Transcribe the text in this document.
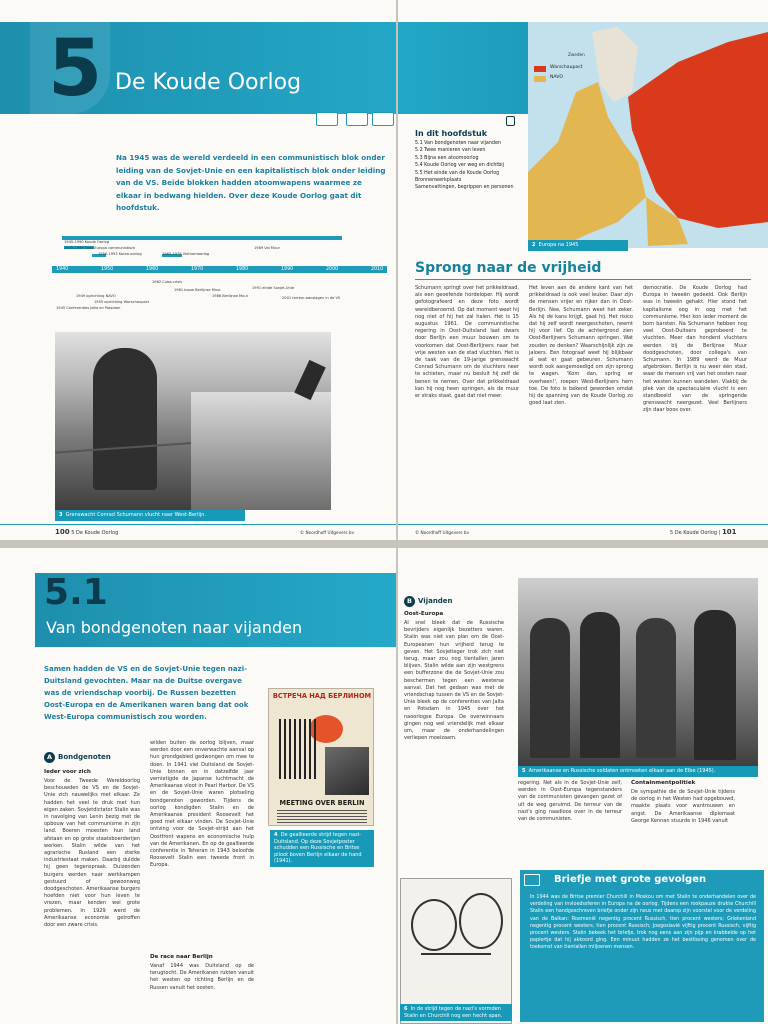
5 De Koude Oorlog
Na 1945 was de wereld verdeeld in een communistisch blok onder leiding van de Sovjet-Unie en een kapitalistisch blok onder leiding van de VS. Beide blokken hadden atoomwapens waarmee ze elkaar in bedwang hielden. Over deze Koude Oorlog gaat dit hoofdstuk.
1940	1950	1960	1970	1980	1990	2000	2010
1945-1990 Koude Oorlog
1945-1949 Oost-Europa communistisch
1950-1953 Korea-oorlog	1965-1975 Vietnamoorlog
1989 Val Muur
1949 oprichting NAVO
1945 Conferenties Jalta en Potsdam
1955 oprichting Warschaupact
1962 Cuba-crisis
1961 bouw Berlijnse Muur	1991 einde Sovjet-Unie
1986 Berlijnse Muur	2001 terreur-aanslagen in de VS
3 Grenswacht Conrad Schumann vlucht naar West-Berlijn.
100 5 De Koude Oorlog	© Noordhoff Uitgevers bv
In dit hoofdstuk
5.1 Van bondgenoten naar vijanden
5.2 Twee manieren van leven
5.3 Bijna een atoomoorlog
5.4 Koude Oorlog ver weg en dichtbij
5.5 Het einde van de Koude Oorlog
Bronnenwerkplaats
Samenvattingen, begrippen en personen
Warschaupact
NAVO
Zweden
2 Europa na 1945
Sprong naar de vrijheid
Schumann springt over het prikkeldraad, als een geoefende hordeloper. Hij wordt gefotografeerd en deze foto wordt wereldberoemd. Op dat moment weet hij nog niet of hij het zal halen. Het is 15 augustus 1961. De communistische regering in Oost-Duitsland laat dwars door Berlijn een muur bouwen om te voorkomen dat Oost-Berlijners naar het vrije westen van de stad vluchten. Het is de taak van de 19-jarige grenswacht Conrad Schumann om de vluchters neer te schieten, maar nu besluit hij zelf de benen te nemen. Over dat prikkeldraad kan hij nog heen springen, als de muur er straks staat, gaat dat niet meer.
Het leven aan de andere kant van het prikkeldraad is ook veel leuker. Daar zijn de mensen vrijer en rijker dan in Oost-Berlijn. Nee, Schumann weet het zeker. Als hij de kans krijgt, gaat hij. Het risico dat hij zelf wordt neergeschoten, neemt hij voor lief. Op de achtergrond zien Oost-Berlijners Schumann springen. Wat zouden ze denken? Waarschijnlijk zijn ze jaloers. Een fotograaf weet hij blijkbaar al wat er gaat gebeuren. Schumann wordt ook aangemoedigd om zijn sprong te wagen. 'Kom dan, spring er overheen!', roepen West-Berlijners hem toe. De foto is bekend geworden omdat hij de spanning van de Koude Oorlog zo goed laat zien.
democratie. De Koude Oorlog had Europa in tweeën gedeeld. Ook Berlijn was in tweeën gehakt. Hier stond het kapitalisme oog in oog met het communisme. Hier kon ieder moment de bom barsten. Na Schumann hebben nog veel Oost-Duitsers geprobeerd te vluchten. Meer dan honderd vluchters werden bij de Berlijnse Muur doodgeschoten, door collega's van Schumann. In 1989 werd de Muur afgebroken. Berlijn is nu weer één stad, waar de mensen vrij van het oosten naar het westen kunnen wandelen. Vlakbij de plek van de spectaculaire vlucht is een standbeeld van de springende grenswacht neergezet. Veel Berlijners zijn daar boos over.
© Noordhoff Uitgevers bv	5 De Koude Oorlog | 101
5.1
Van bondgenoten naar vijanden
Samen hadden de VS en de Sovjet-Unie tegen nazi-Duitsland gevochten. Maar na de Duitse overgave was de vriendschap voorbij. De Russen bezetten Oost-Europa en de Amerikanen waren bang dat ook West-Europa communistisch zou worden.
A Bondgenoten
Ieder voor zich
Voor de Tweede Wereldoorlog beschouwden de VS en de Sovjet-Unie zich nauwelijks met elkaar. Ze hadden het veel te druk met hun eigen zaken. Sovjetdictator Stalin was in navolging van Lenin bezig met de opbouw van het communisme in zijn land. Boeren moesten hun land afstaan en op grote staatsboerderijen werken. Stalin wilde van het agrarische Rusland een sterke industriestaat maken. Daarbij duldde hij geen tegenspraak. Duizenden burgers werden naar werkkampen gestuurd of gewoonweg doodgeschoten. Amerikaanse burgers hoefden niet voor hun leven te vrezen, maar kenden wel grote problemen. In 1929 werd de Amerikaanse economie getroffen door een zware crisis.
wilden buiten de oorlog blijven, maar werden door een onverwachte aanval op hun grondgebied gedwongen om mee te doen. In 1941 viel Duitsland de Sovjet-Unie binnen en in datzelfde jaar vernietigde de Japanse luchtmacht de Amerikaanse vloot in Pearl Harbor. De VS en de Sovjet-Unie waren plotseling bondgenoten geworden. Tijdens de oorlog kondigden Stalin en de Amerikaanse president Roosevelt het goed met elkaar vinden. De Sovjet-Unie ontving voor de Sovjet-strijd aan het Oostfront wapens en economische hulp van de Amerikanen. En op de geallieerde conferentie in Teheran in 1943 beloofde Roosevelt Stalin een tweede front in Europa.
De race naar Berlijn
Vanaf 1944 was Duitsland op de terugtocht. De Amerikanen rukten vanuit het westen op richting Berlijn en de Russen vanuit het oosten.
ВСТРЕЧА НАД БЕРЛИНОМ
MEETING OVER BERLIN
4 De geallieerde strijd tegen nazi-Duitsland. Op deze Sovjetposter schudden een Russische en Britse piloot boven Berlijn elkaar de hand (1941).
B Vijanden
Oost-Europa
Al snel bleek dat de Russische bevrijders eigenlijk bezetters waren. Stalin was niet van plan om de Oost-Europeanen hun vrijheid terug te geven. Het Sovjetleger trok zich niet terug, maar zou nog tientallen jaren blijven. Stalin wilde aan zijn westgrens een bufferzone die de Sovjet-Unie zou beschermen tegen een westerse aanval. Dat het gedaan was met de vriendschap tussen de VS en de Sovjet-Unie bleek op de conferenties van Jalta en Potsdam in 1945 over het naoorlogse Europa. De overwinnaars gingen nog wel vriendelijk met elkaar om, maar de onderhandelingen verliepen moeizaam.
5 Amerikaanse en Russische soldaten ontmoeten elkaar aan de Elbe (1945).
regering. Net als in de Sovjet-Unie zelf, werden in Oost-Europa tegenstanders van de communisten gevangen gezet of uit de weg geruimd. De terreur van de nazi's ging naadloos over in de terreur van de communisten.
Containmentpolitiek
De sympathie die de Sovjet-Unie tijdens de oorlog in het Westen had opgebouwd, maakte plaats voor wantrouwen en angst. De Amerikaanse diplomaat George Kennan stuurde in 1946 vanuit
6 In de strijd tegen de nazi's vormden Stalin en Churchill nog een hecht span.
Briefje met grote gevolgen
In 1944 was de Britse premier Churchill in Moskou om met Stalin te onderhandelen over de verdeling van invloedssferen in Europa na de oorlog. Tijdens een rookpauze drukte Churchill Stalin een handgeschreven briefje onder zijn neus met daarop zijn voorstel voor de verdeling van de Balkan: Roemenië negentig procent Russisch, tien procent westers; Griekenland negentig procent westers, tien procent Russisch; Joegoslavië vijftig procent Russisch, vijftig procent westers. Stalin bekeek het briefje, trok nog eens aan zijn pijp en krabbelde op het papiertje dat hij akkoord ging. Een minuut hadden ze het bestlissing genomen over de toekomst van tientallen miljoenen mensen.
